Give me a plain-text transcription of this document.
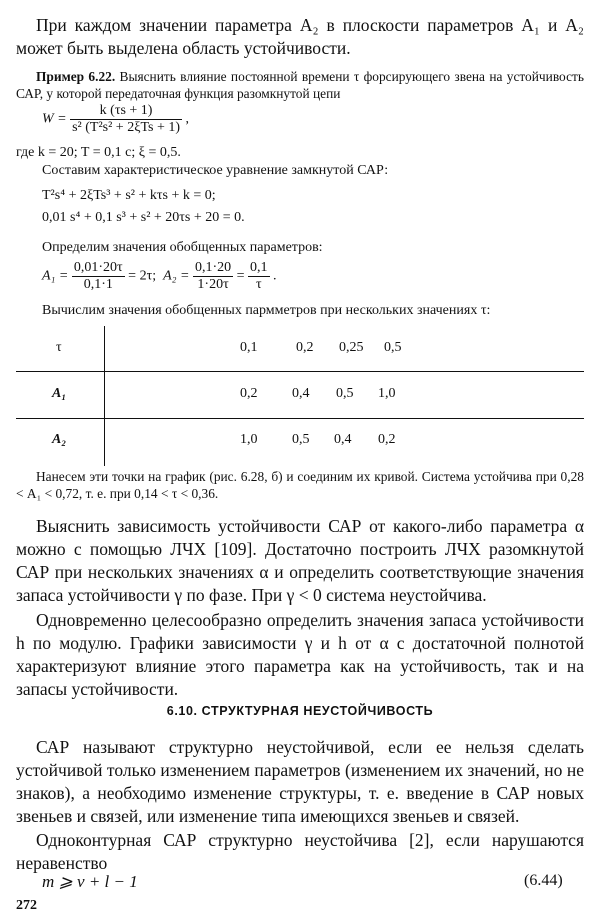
При каждом значении параметра A₂ в плоскости параметров A₁ и A₂ может быть выделена область устойчивости.

Пример 6.22. Выяснить влияние постоянной времени τ форсирующего звена на устойчивость САР, у которой передаточная функция разомкнутой цепи

$W = \frac{k (\tau s + 1)}{\text{s² (T²s² + 2ξTs + 1)}}$ ,

где k = 20; T = 0,1 с; ξ = 0,5.

Составим характеристическое уравнение замкнутой САР:

T²s⁴ + 2ξTs³ + s² + kτs + k = 0;

0,01 s⁴ + 0,1 s³ + s² + 20τs + 20 = 0.

Определим значения обобщенных параметров:

$A_1 = \frac{0,01\cdot 20\tau}{0,1\cdot 1} = 2\tau$; $A_2 = \frac{0,1\cdot 20}{1\cdot 20\tau} = \frac{0,1}{\tau}$ .

Вычислим значения обобщенных пармметров при нескольких значениях τ:

τ	0,1	0,2 0,25 0,5
A₁	0,2 0,4 0,5 1,0
A₂	1,0 0,5 0,4 0,2

Нанесем эти точки на график (рис. 6.28, б) и соединим их кривой. Система устойчива при 0,28 < A₁ < 0,72, т. е. при 0,14 < τ < 0,36.

Выяснить зависимость устойчивости САР от какого-либо параметра α можно с помощью ЛЧХ [109]. Достаточно построить ЛЧХ разомкнутой САР при нескольких значениях α и определить соответствующие значения запаса устойчивости γ по фазе. При γ < 0 система неустойчива.

Одновременно целесообразно определить значения запаса устойчивости h по модулю. Графики зависимости γ и h от α с достаточной полнотой характеризуют влияние этого параметра как на устойчивость, так и на запасы устойчивости.

6.10. СТРУКТУРНАЯ НЕУСТОЙЧИВОСТЬ

САР называют структурно неустойчивой, если ее нельзя сделать устойчивой только изменением параметров (изменением их значений, но не знаков), а необходимо изменение структуры, т. е. введение в САР новых звеньев и связей, или изменение типа имеющихся звеньев и связей.

Одноконтурная САР структурно неустойчива [2], если нарушаются неравенство

m ⩾ ν + l − 1	(6.44)
272
